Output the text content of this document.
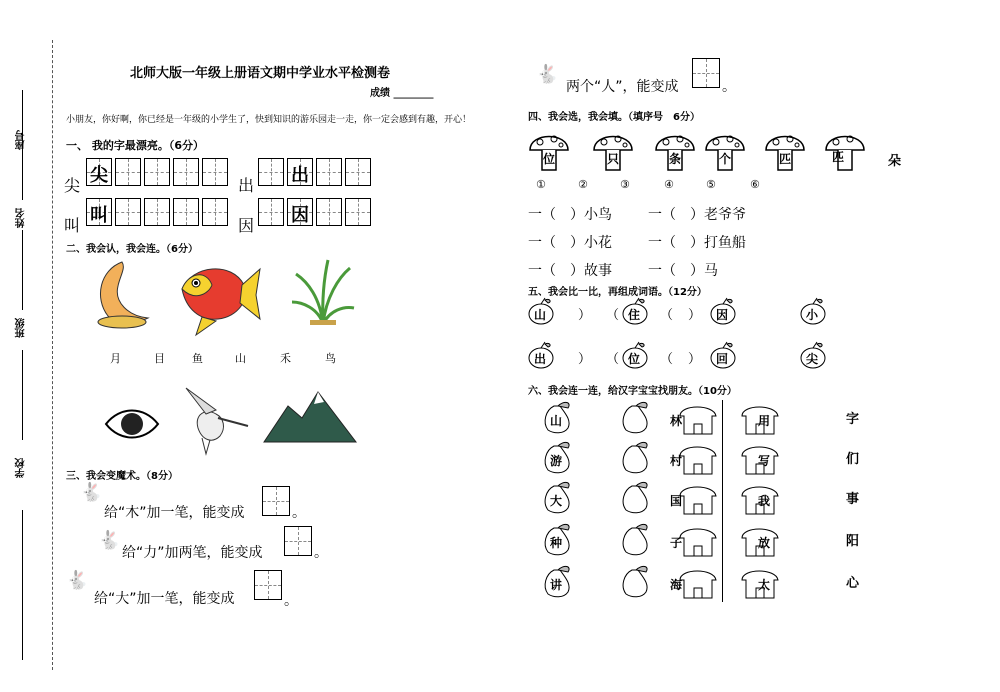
学校
班级
姓名
座号
北师大版一年级上册语文期中学业水平检测卷
成绩 ________
小朋友，你好啊，你已经是一年级的小学生了，快到知识的游乐园走一走，你一定会感到有趣，开心！
一、 我的字最漂亮。（6分）
尖 尖	出 出
叫 叫	因 因
二、我会认，我会连。（6分）
月	目 鱼	山	禾	鸟
三、我会变魔术。（8分）
🐇
给“木”加一笔，能变成	。
🐇
给“力”加两笔，能变成	。
🐇
给“大”加一笔，能变成	。
🐇
两个“人”，能变成	。
四、我会选，我会填。（填序号　6分）
位	只	条	个	匹	朵
匹
①	②	③	④	⑤	⑥
一（　）小鸟	一（　）老爷爷
一（　）小花	一（　）打鱼船
一（　）故事	一（　）马
五、我会比一比，再组成词语。（12分）
山 ） （ 住 （ ） 因	小
出 ） （ 位 （ ） 回	尖
六、我会连一连，给汉字宝宝找朋友。（10分）
山	林	用	字
游	村	写	们
大	国	我	事
种	子	放	阳
讲	海	太	心
